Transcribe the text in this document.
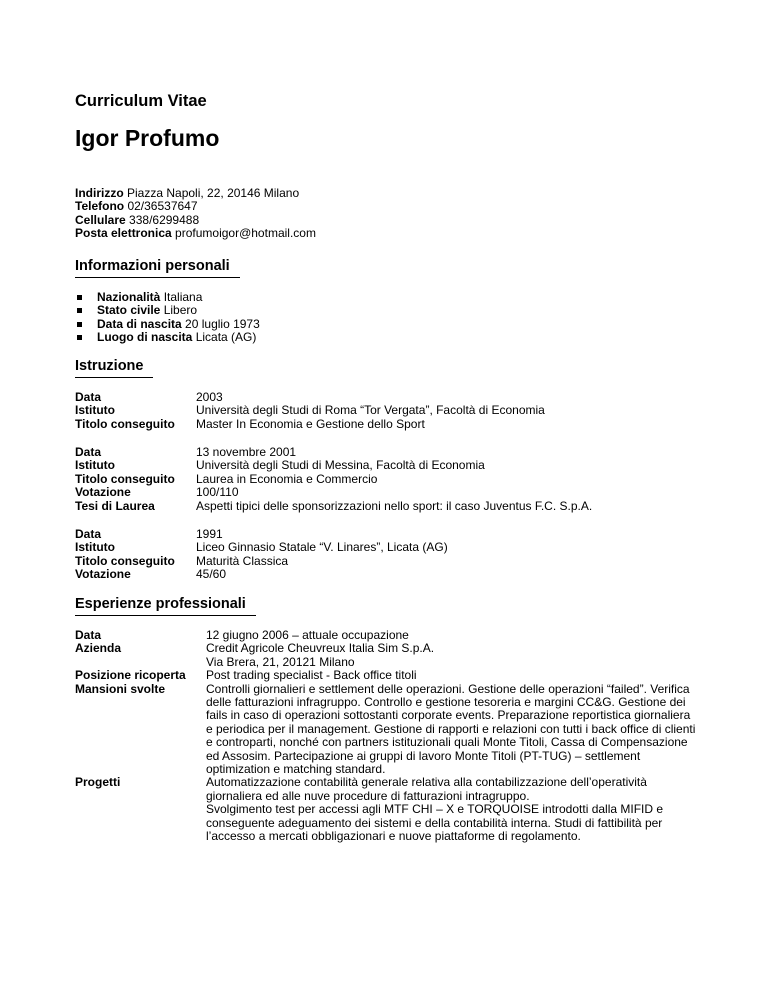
Curriculum Vitae
Igor Profumo
Indirizzo Piazza Napoli, 22, 20146 Milano
Telefono 02/36537647
Cellulare 338/6299488
Posta elettronica profumoigor@hotmail.com
Informazioni personali
Nazionalità Italiana
Stato civile Libero
Data di nascita 20 luglio 1973
Luogo di nascita Licata (AG)
Istruzione
Data	2003
Istituto	Università degli Studi di Roma “Tor Vergata”, Facoltà di Economia
Titolo conseguito	Master In Economia e Gestione dello Sport
Data	13 novembre 2001
Istituto	Università degli Studi di Messina, Facoltà di Economia
Titolo conseguito	Laurea in Economia e Commercio
Votazione	100/110
Tesi di Laurea	Aspetti tipici delle sponsorizzazioni nello sport: il caso Juventus F.C. S.p.A.
Data	1991
Istituto	Liceo Ginnasio Statale “V. Linares”, Licata (AG)
Titolo conseguito	Maturità Classica
Votazione	45/60
Esperienze professionali
Data	12 giugno 2006 – attuale occupazione
Azienda	Credit Agricole Cheuvreux Italia Sim S.p.A.
Via Brera, 21, 20121 Milano
Posizione ricoperta	Post trading specialist - Back office titoli
Mansioni svolte	Controlli giornalieri e settlement delle operazioni. Gestione delle operazioni “failed”. Verifica delle fatturazioni infragruppo. Controllo e gestione tesoreria e margini CC&G. Gestione dei fails in caso di operazioni sottostanti corporate events. Preparazione reportistica giornaliera e periodica per il management. Gestione di rapporti e relazioni con tutti i back office di clienti e controparti, nonché con partners istituzionali quali Monte Titoli, Cassa di Compensazione ed Assosim. Partecipazione ai gruppi di lavoro Monte Titoli (PT-TUG) – settlement optimization e matching standard.
Progetti	Automatizzazione contabilità generale relativa alla contabilizzazione dell’operatività giornaliera ed alle nuve procedure di fatturazioni intragruppo.
Svolgimento test per accessi agli MTF CHI – X e TORQUOISE introdotti dalla MIFID e conseguente adeguamento dei sistemi e della contabilità interna. Studi di fattibilità per l’accesso a mercati obbligazionari e nuove piattaforme di regolamento.
